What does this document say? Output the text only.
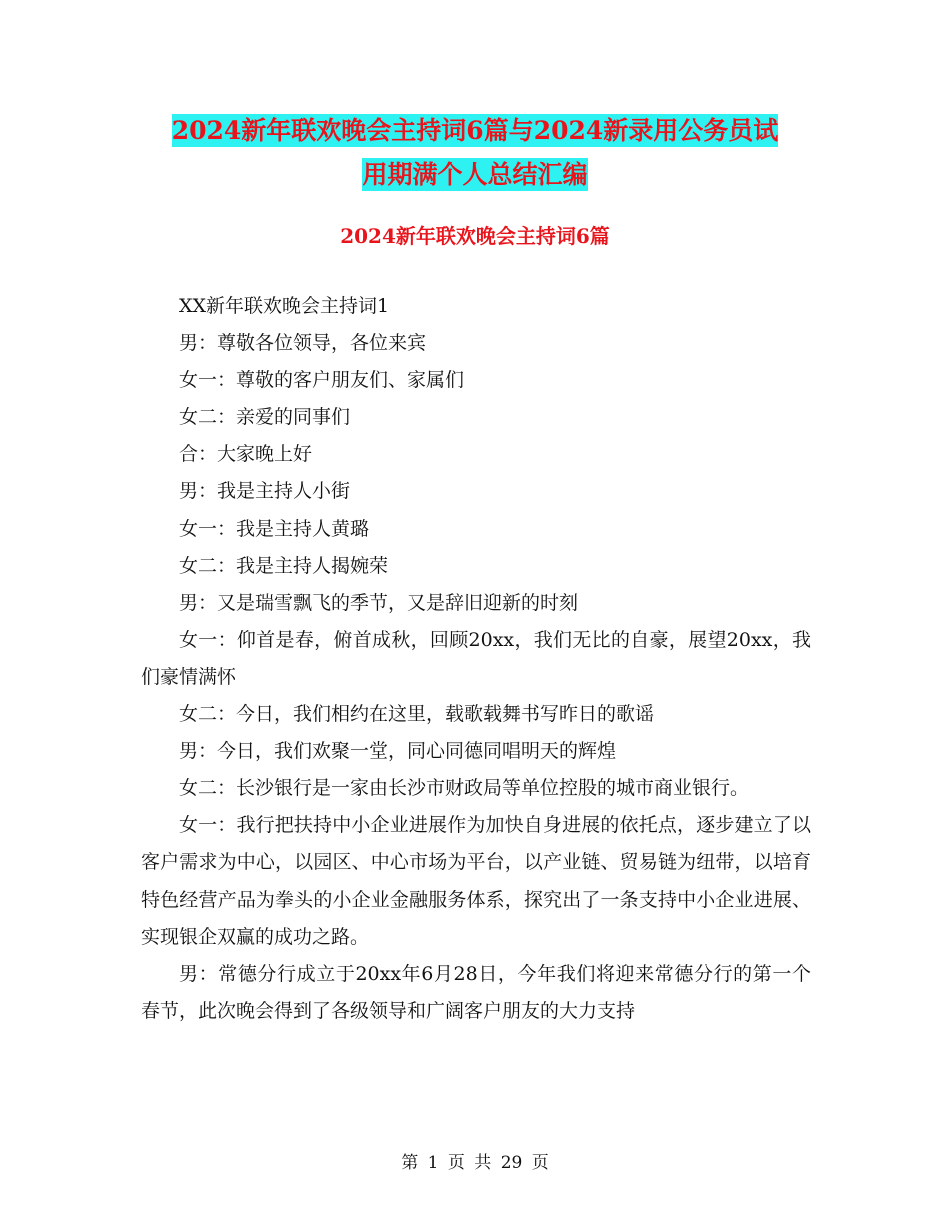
2024新年联欢晚会主持词6篇与2024新录用公务员试
用期满个人总结汇编
2024新年联欢晚会主持词6篇

XX新年联欢晚会主持词1

男：尊敬各位领导，各位来宾

女一：尊敬的客户朋友们、家属们

女二：亲爱的同事们

合：大家晚上好

男：我是主持人小街

女一：我是主持人黄璐

女二：我是主持人揭婉荣

男：又是瑞雪飘飞的季节，又是辞旧迎新的时刻

女一：仰首是春，俯首成秋，回顾20xx，我们无比的自豪，展望20xx，我们豪情满怀

女二：今日，我们相约在这里，载歌载舞书写昨日的歌谣

男：今日，我们欢聚一堂，同心同德同唱明天的辉煌

女二：长沙银行是一家由长沙市财政局等单位控股的城市商业银行。

女一：我行把扶持中小企业进展作为加快自身进展的依托点，逐步建立了以客户需求为中心，以园区、中心市场为平台，以产业链、贸易链为纽带，以培育特色经营产品为拳头的小企业金融服务体系，探究出了一条支持中小企业进展、实现银企双赢的成功之路。

男：常德分行成立于20xx年6月28日，今年我们将迎来常德分行的第一个春节，此次晚会得到了各级领导和广阔客户朋友的大力支持

第 1 页 共 29 页
